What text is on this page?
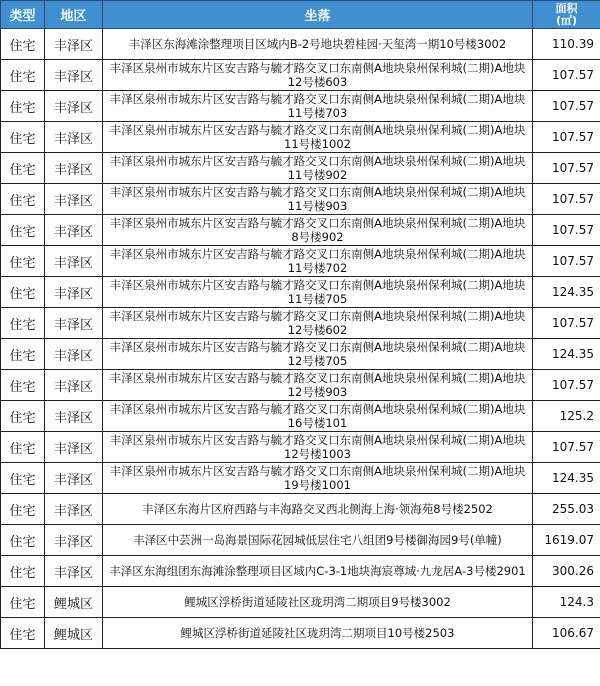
类型	地区	坐落	面积
(㎡)

住宅	丰泽区	丰泽区东海滩涂整理项目区域内B-2号地块碧桂园·天玺湾一期10号楼3002	110.39
住宅	丰泽区	丰泽区泉州市城东片区安吉路与毓才路交叉口东南侧A地块泉州保利城(二期)A地块12号楼603	107.57
住宅	丰泽区	丰泽区泉州市城东片区安吉路与毓才路交叉口东南侧A地块泉州保利城(二期)A地块11号楼703	107.57
住宅	丰泽区	丰泽区泉州市城东片区安吉路与毓才路交叉口东南侧A地块泉州保利城(二期)A地块11号楼1002	107.57
住宅	丰泽区	丰泽区泉州市城东片区安吉路与毓才路交叉口东南侧A地块泉州保利城(二期)A地块11号楼902	107.57
住宅	丰泽区	丰泽区泉州市城东片区安吉路与毓才路交叉口东南侧A地块泉州保利城(二期)A地块11号楼903	107.57
住宅	丰泽区	丰泽区泉州市城东片区安吉路与毓才路交叉口东南侧A地块泉州保利城(二期)A地块8号楼902	107.57
住宅	丰泽区	丰泽区泉州市城东片区安吉路与毓才路交叉口东南侧A地块泉州保利城(二期)A地块11号楼702	107.57
住宅	丰泽区	丰泽区泉州市城东片区安吉路与毓才路交叉口东南侧A地块泉州保利城(二期)A地块11号楼705	124.35
住宅	丰泽区	丰泽区泉州市城东片区安吉路与毓才路交叉口东南侧A地块泉州保利城(二期)A地块12号楼602	107.57
住宅	丰泽区	丰泽区泉州市城东片区安吉路与毓才路交叉口东南侧A地块泉州保利城(二期)A地块12号楼705	124.35
住宅	丰泽区	丰泽区泉州市城东片区安吉路与毓才路交叉口东南侧A地块泉州保利城(二期)A地块12号楼903	107.57
住宅	丰泽区	丰泽区泉州市城东片区安吉路与毓才路交叉口东南侧A地块泉州保利城(二期)A地块16号楼101	125.2
住宅	丰泽区	丰泽区泉州市城东片区安吉路与毓才路交叉口东南侧A地块泉州保利城(二期)A地块12号楼1003	107.57
住宅	丰泽区	丰泽区泉州市城东片区安吉路与毓才路交叉口东南侧A地块泉州保利城(二期)A地块19号楼1001	124.35
住宅	丰泽区	丰泽区东海片区府西路与丰海路交叉西北侧海上海·领海苑8号楼2502	255.03
住宅	丰泽区	丰泽区中芸洲一岛海景国际花园城低层住宅八组团9号楼御海园9号(单幢)	1619.07
住宅	丰泽区	丰泽区东海组团东海滩涂整理项目区域内C-3-1地块海宸尊域·九龙居A-3号楼2901	300.26
住宅	鲤城区	鲤城区浮桥街道延陵社区珑玥湾二期项目9号楼3002	124.3
住宅	鲤城区	鲤城区浮桥街道延陵社区珑玥湾二期项目10号楼2503	106.67
